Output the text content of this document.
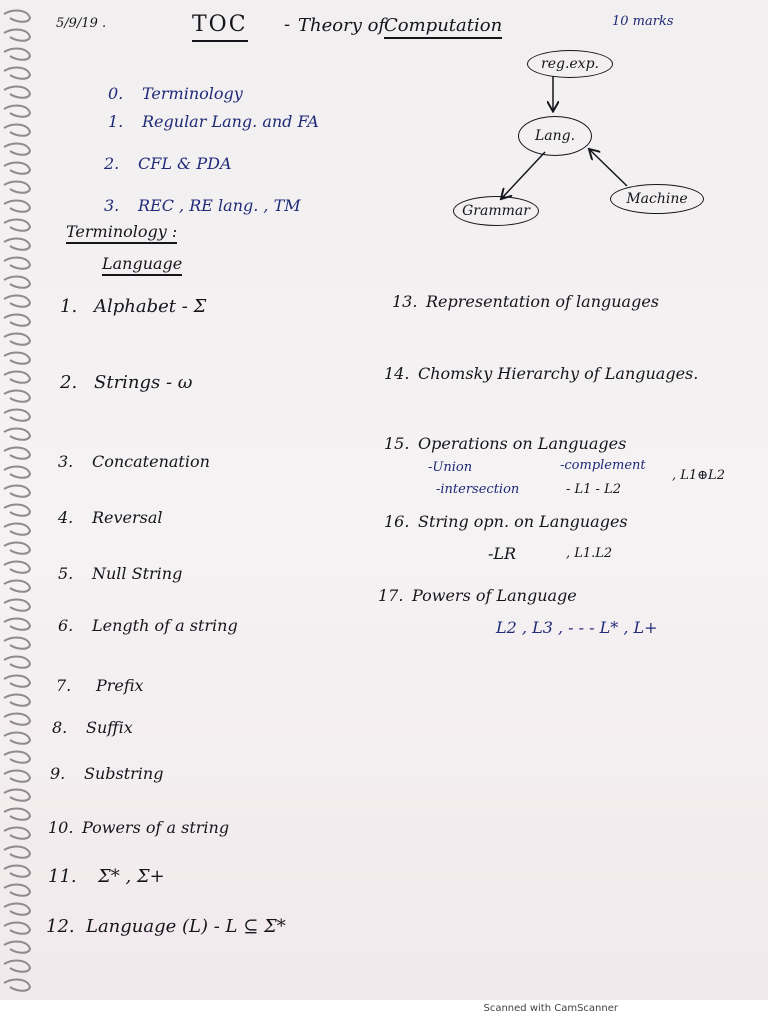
5/9/19 .	TOC - Theory of
Computation	10 marks
0. Terminology
1. Regular Lang. and FA
2. CFL & PDA
3. REC , RE lang. , TM
reg.exp.
Lang.
Grammar
Machine
Terminology :
Language
1. Alphabet - Σ
2. Strings - ω
3. Concatenation
4. Reversal
5. Null String
6. Length of a string
7. Prefix
8. Suffix
9. Substring
10. Powers of a string
11. Σ* , Σ+
12. Language (L) - L ⊆ Σ*
13. Representation of languages
14. Chomsky Hierarchy of Languages.
15. Operations on Languages
-Union	-complement
-intersection	- L1 - L2
, L1⊕L2
16. String opn. on Languages
-LR	, L1.L2
17. Powers of Language
L2 , L3 , - - - L* , L+
Scanned with CamScanner
